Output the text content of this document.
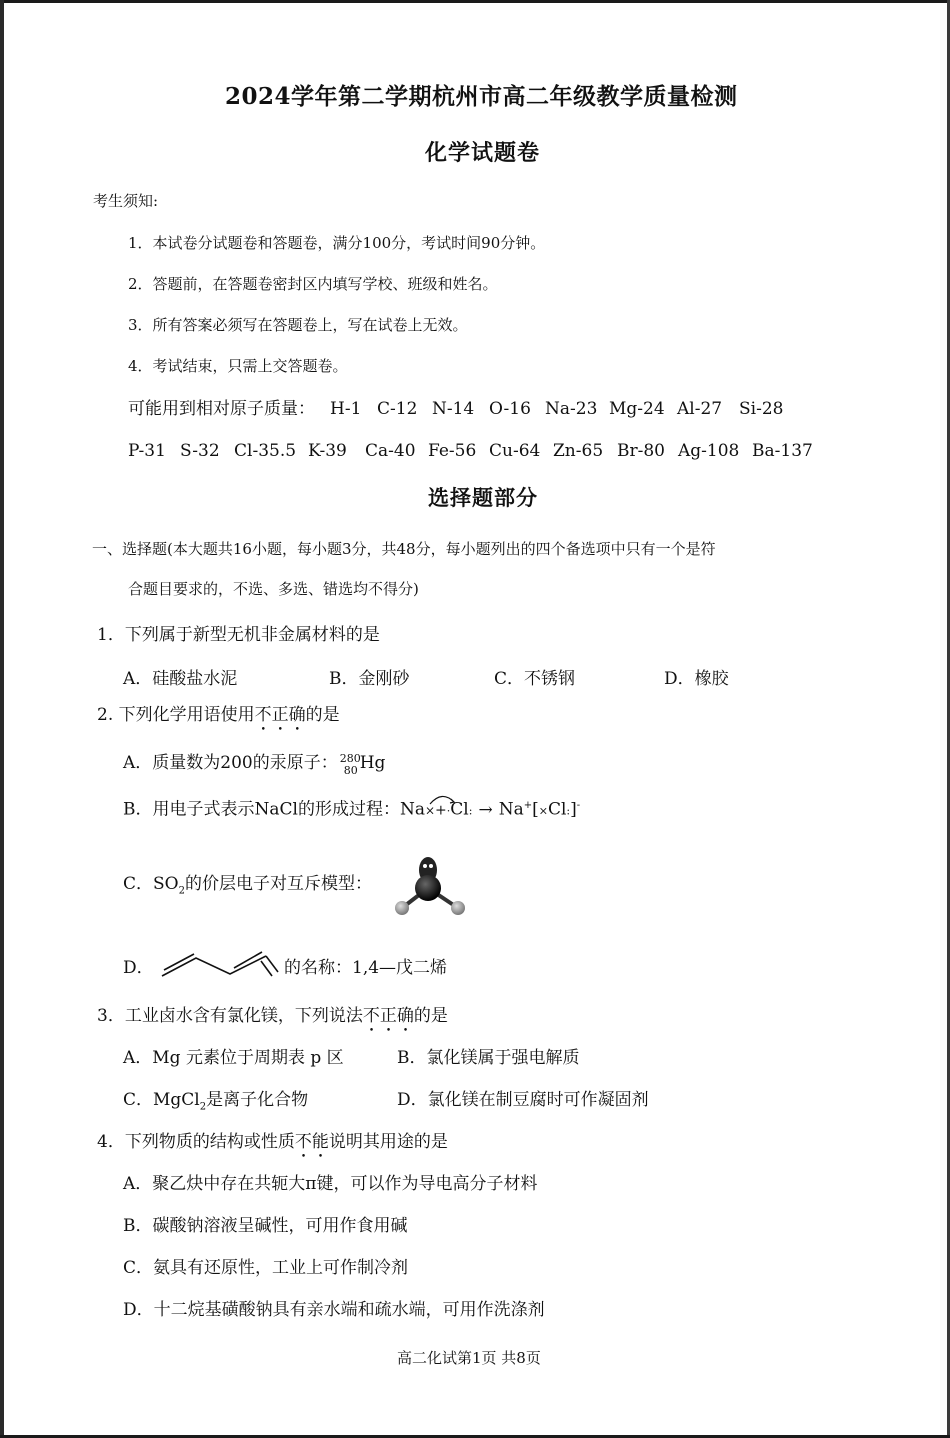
2024学年第二学期杭州市高二年级教学质量检测
化学试题卷
考生须知:
1．本试卷分试题卷和答题卷，满分100分，考试时间90分钟。
2．答题前，在答题卷密封区内填写学校、班级和姓名。
3．所有答案必须写在答题卷上，写在试卷上无效。
4．考试结束，只需上交答题卷。
可能用到相对原子质量： H-1 C-12 N-14 O-16 Na-23 Mg-24 Al-27 Si-28
P-31 S-32 Cl-35.5 K-39 Ca-40 Fe-56 Cu-64 Zn-65 Br-80 Ag-108 Ba-137
选择题部分
一、选择题(本大题共16小题，每小题3分，共48分，每小题列出的四个备选项中只有一个是符
合题目要求的，不选、多选、错选均不得分)
1．下列属于新型无机非金属材料的是
A．硅酸盐水泥	B．金刚砂	C．不锈钢	D．橡胶
2. 下列化学用语使用不正确的是
A．质量数为200的汞原子： 280
80 Hg
B．用电子式表示NaCl的形成过程：Na×+·Cl: → Na+[×Cl:]-
C．$SO_2$的价层电子对互斥模型：
D．	的名称：1,4—戊二烯
3．工业卤水含有氯化镁，下列说法不正确的是
A．Mg 元素位于周期表 p 区	B．氯化镁属于强电解质
C．MgCl$_2$是离子化合物	D．氯化镁在制豆腐时可作凝固剂
4．下列物质的结构或性质不能说明其用途的是
A．聚乙炔中存在共轭大π键，可以作为导电高分子材料
B．碳酸钠溶液呈碱性，可用作食用碱
C．氨具有还原性，工业上可作制冷剂
D．十二烷基磺酸钠具有亲水端和疏水端，可用作洗涤剂
高二化试第1页 共8页
